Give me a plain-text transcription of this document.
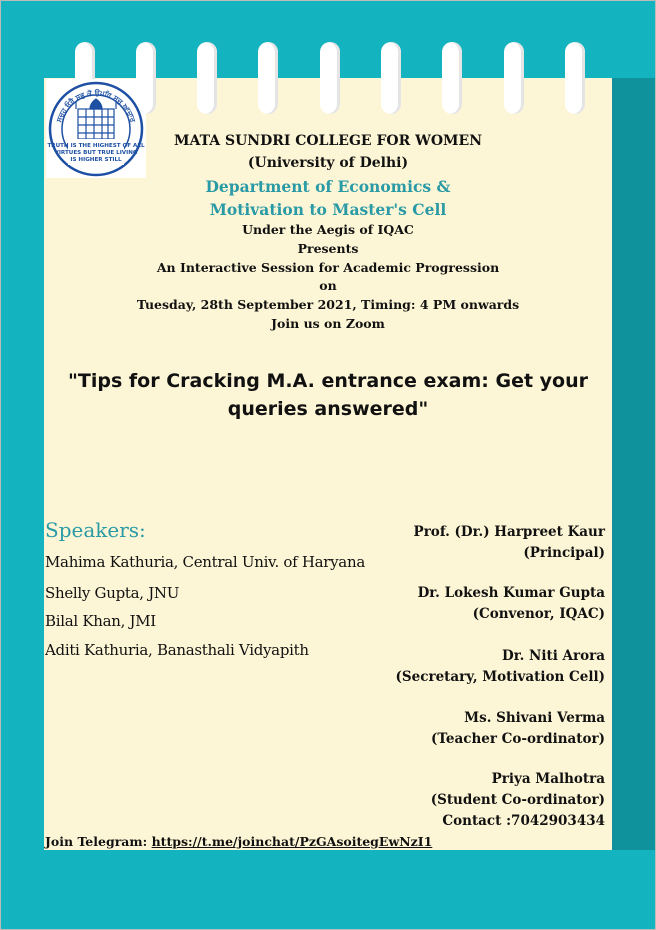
ਸਚਹੁ ਓਰੈ ਸਭੁ ਕੋ ਉਪਰਿ ਸਚੁ ਆਚਾਰੁ
TRUTH IS THE HIGHEST OF ALL
VIRTUES BUT TRUE LIVING
IS HIGHER STILL
MATA SUNDRI COLLEGE FOR WOMEN
(University of Delhi)
Department of Economics &
Motivation to Master's Cell
Under the Aegis of IQAC
Presents
An Interactive Session for Academic Progression
on
Tuesday, 28th September 2021, Timing: 4 PM onwards
Join us on Zoom
"Tips for Cracking M.A. entrance exam: Get your
queries answered"
Speakers:
Mahima Kathuria, Central Univ. of Haryana
Shelly Gupta, JNU
Bilal Khan, JMI
Aditi Kathuria, Banasthali Vidyapith
Prof. (Dr.) Harpreet Kaur
(Principal)
Dr. Lokesh Kumar Gupta
(Convenor, IQAC)
Dr. Niti Arora
(Secretary, Motivation Cell)
Ms. Shivani Verma
(Teacher Co-ordinator)
Priya Malhotra
(Student Co-ordinator)
Contact :7042903434
Join Telegram: https://t.me/joinchat/PzGAsoitegEwNzI1
